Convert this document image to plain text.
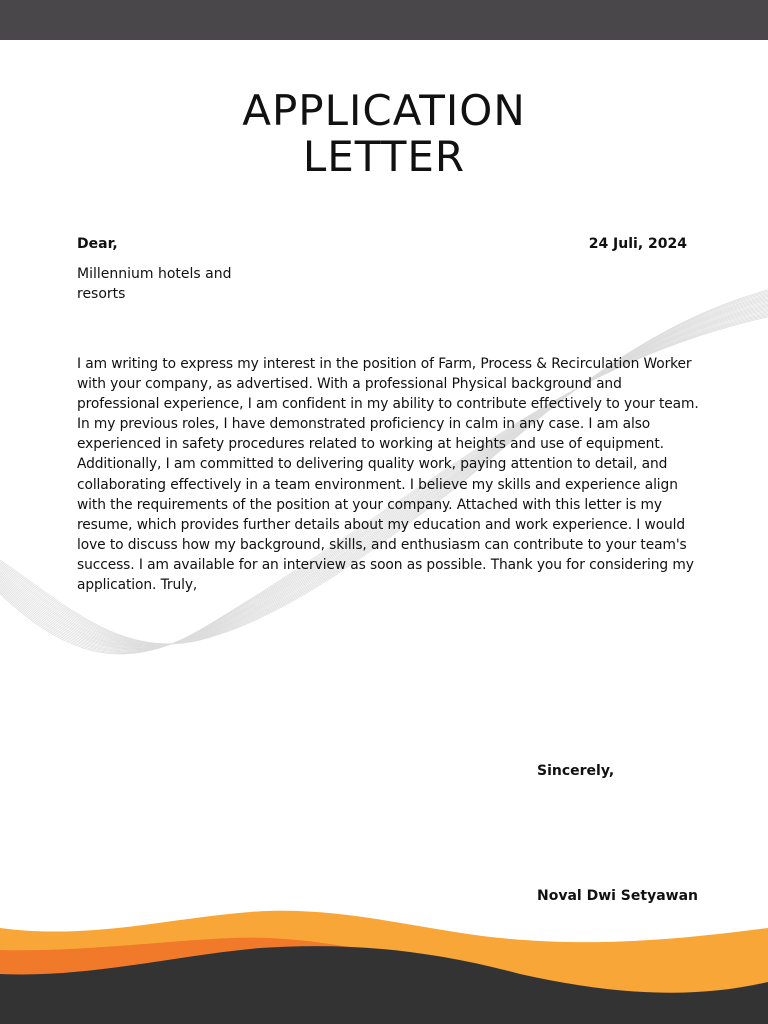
APPLICATION
LETTER
Dear,	24 Juli, 2024
Millennium hotels and resorts
I am writing to express my interest in the position of Farm, Process & Recirculation Worker with your company, as advertised. With a professional Physical background and professional experience, I am confident in my ability to contribute effectively to your team. In my previous roles, I have demonstrated proficiency in calm in any case. I am also experienced in safety procedures related to working at heights and use of equipment. Additionally, I am committed to delivering quality work, paying attention to detail, and collaborating effectively in a team environment. I believe my skills and experience align with the requirements of the position at your company. Attached with this letter is my resume, which provides further details about my education and work experience. I would love to discuss how my background, skills, and enthusiasm can contribute to your team's success. I am available for an interview as soon as possible. Thank you for considering my application. Truly,
Sincerely,
Noval Dwi Setyawan
